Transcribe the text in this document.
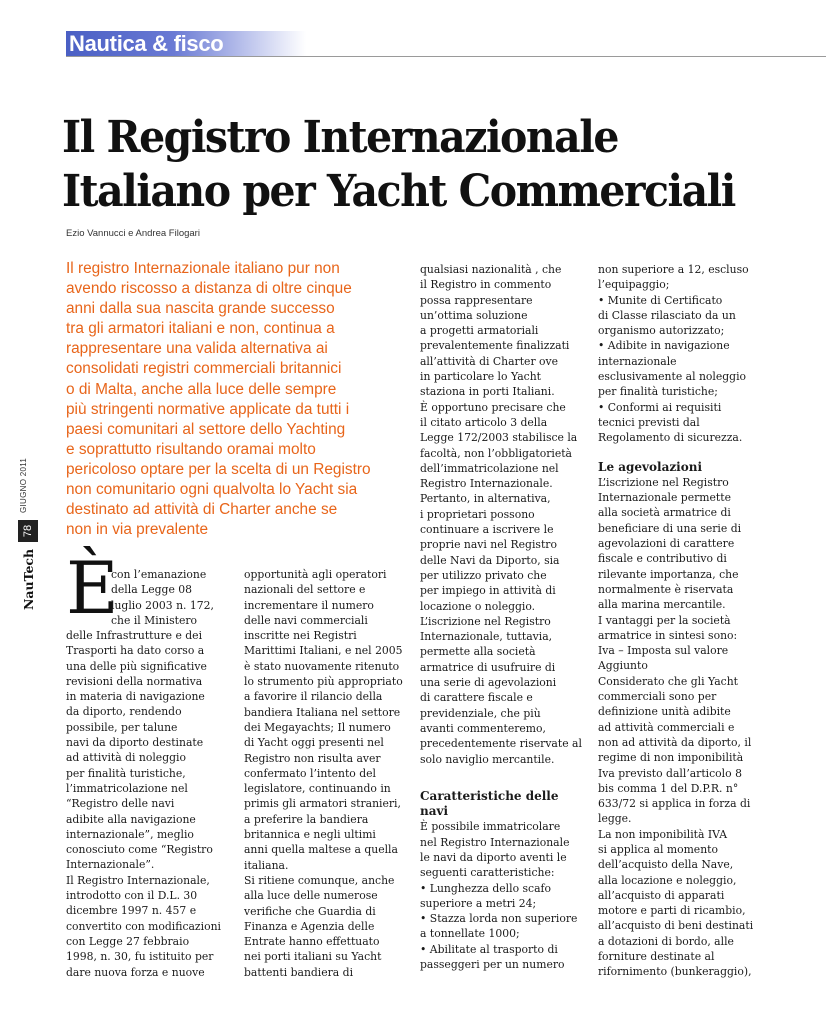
Nautica & fisco
Il Registro Internazionale
Italiano per Yacht Commerciali
Ezio Vannucci e Andrea Filogari
Il registro Internazionale italiano pur non
avendo riscosso a distanza di oltre cinque
anni dalla sua nascita grande successo
tra gli armatori italiani e non, continua a
rappresentare una valida alternativa ai
consolidati registri commerciali britannici
o di Malta, anche alla luce delle sempre
più stringenti normative applicate da tutti i
paesi comunitari al settore dello Yachting
e soprattutto risultando oramai molto
pericoloso optare per la scelta di un Registro
non comunitario ogni qualvolta lo Yacht sia
destinato ad attività di Charter anche se
non in via prevalente
GIUGNO 2011
78
NauTech È
con l’emanazione
della Legge 08
luglio 2003 n. 172,
che il Ministero
delle Infrastrutture e dei
Trasporti ha dato corso a
una delle più significative
revisioni della normativa
in materia di navigazione
da diporto, rendendo
possibile, per talune
navi da diporto destinate
ad attività di noleggio
per finalità turistiche,
l’immatricolazione nel
“Registro delle navi
adibite alla navigazione
internazionale”, meglio
conosciuto come “Registro
Internazionale”.
Il Registro Internazionale,
introdotto con il D.L. 30
dicembre 1997 n. 457 e
convertito con modificazioni
con Legge 27 febbraio
1998, n. 30, fu istituito per
dare nuova forza e nuove
opportunità agli operatori
nazionali del settore e
incrementare il numero
delle navi commerciali
inscritte nei Registri
Marittimi Italiani, e nel 2005
è stato nuovamente ritenuto
lo strumento più appropriato
a favorire il rilancio della
bandiera Italiana nel settore
dei Megayachts; Il numero
di Yacht oggi presenti nel
Registro non risulta aver
confermato l’intento del
legislatore, continuando in
primis gli armatori stranieri,
a preferire la bandiera
britannica e negli ultimi
anni quella maltese a quella
italiana.
Si ritiene comunque, anche
alla luce delle numerose
verifiche che Guardia di
Finanza e Agenzia delle
Entrate hanno effettuato
nei porti italiani su Yacht
battenti bandiera di
qualsiasi nazionalità , che
il Registro in commento
possa rappresentare
un’ottima soluzione
a progetti armatoriali
prevalentemente finalizzati
all’attività di Charter ove
in particolare lo Yacht
staziona in porti Italiani.
È opportuno precisare che
il citato articolo 3 della
Legge 172/2003 stabilisce la
facoltà, non l’obbligatorietà
dell’immatricolazione nel
Registro Internazionale.
Pertanto, in alternativa,
i proprietari possono
continuare a iscrivere le
proprie navi nel Registro
delle Navi da Diporto, sia
per utilizzo privato che
per impiego in attività di
locazione o noleggio.
L’iscrizione nel Registro
Internazionale, tuttavia,
permette alla società
armatrice di usufruire di
una serie di agevolazioni
di carattere fiscale e
previdenziale, che più
avanti commenteremo,
precedentemente riservate al
solo naviglio mercantile.
Caratteristiche delle
navi
È possibile immatricolare
nel Registro Internazionale
le navi da diporto aventi le
seguenti caratteristiche:
• Lunghezza dello scafo
superiore a metri 24;
• Stazza lorda non superiore
a tonnellate 1000;
• Abilitate al trasporto di
passeggeri per un numero
non superiore a 12, escluso
l’equipaggio;
• Munite di Certificato
di Classe rilasciato da un
organismo autorizzato;
• Adibite in navigazione
internazionale
esclusivamente al noleggio
per finalità turistiche;
• Conformi ai requisiti
tecnici previsti dal
Regolamento di sicurezza.
Le agevolazioni
L’iscrizione nel Registro
Internazionale permette
alla società armatrice di
beneficiare di una serie di
agevolazioni di carattere
fiscale e contributivo di
rilevante importanza, che
normalmente è riservata
alla marina mercantile.
I vantaggi per la società
armatrice in sintesi sono:
Iva – Imposta sul valore
Aggiunto
Considerato che gli Yacht
commerciali sono per
definizione unità adibite
ad attività commerciali e
non ad attività da diporto, il
regime di non imponibilità
Iva previsto dall’articolo 8
bis comma 1 del D.P.R. n°
633/72 si applica in forza di
legge.
La non imponibilità IVA
si applica al momento
dell’acquisto della Nave,
alla locazione e noleggio,
all’acquisto di apparati
motore e parti di ricambio,
all’acquisto di beni destinati
a dotazioni di bordo, alle
forniture destinate al
rifornimento (bunkeraggio),
